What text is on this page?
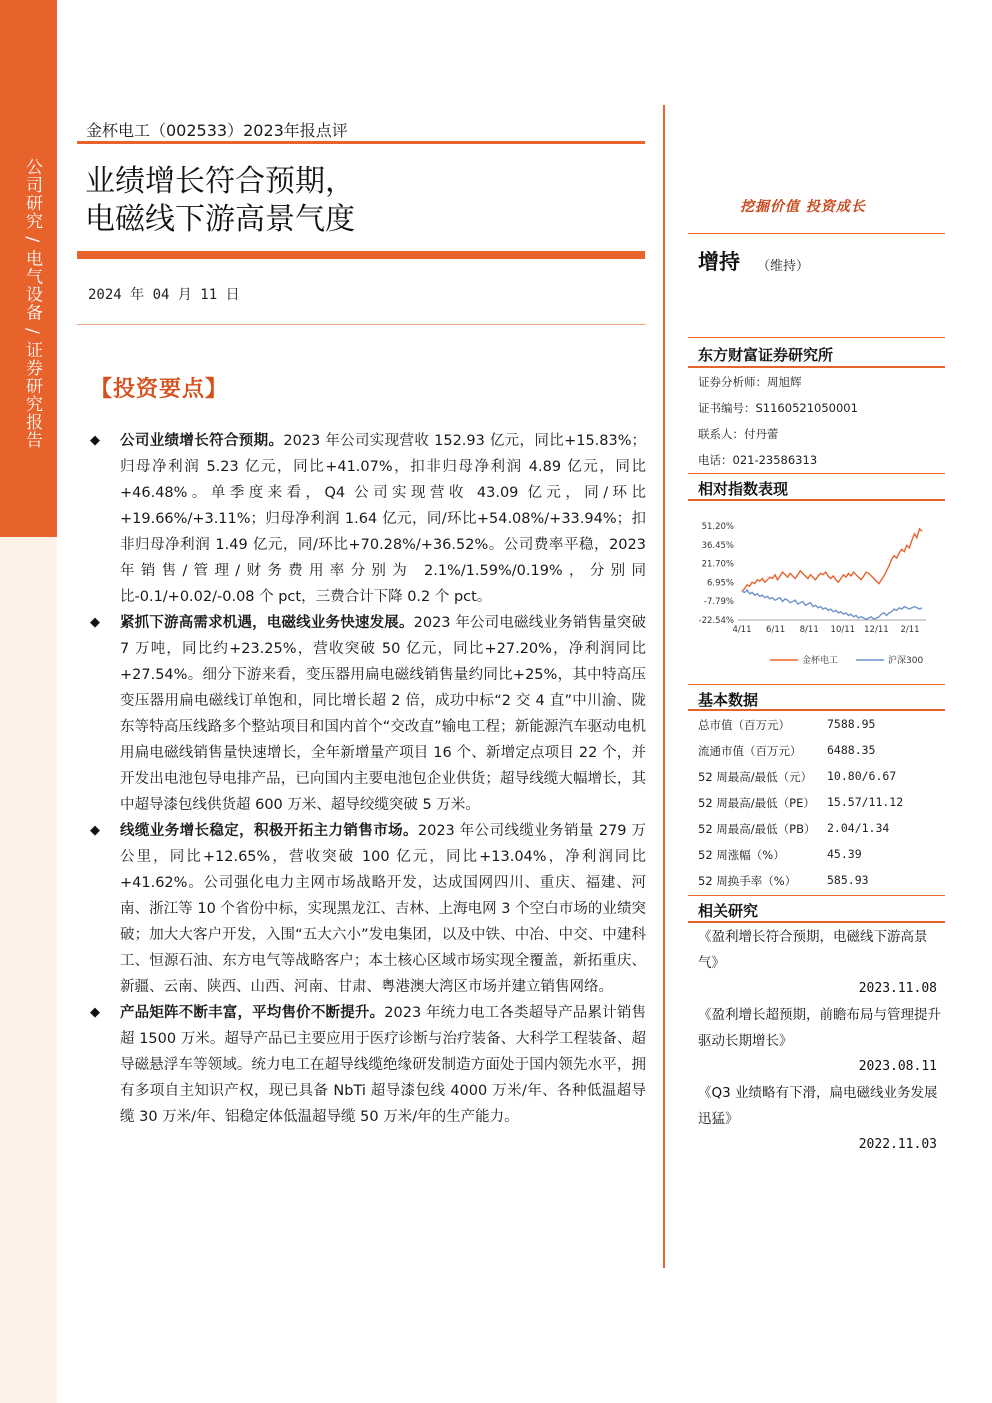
公司研究 / 电气设备 / 证券研究报告
金杯电工（002533）2023年报点评
业绩增长符合预期，
电磁线下游高景气度
2024 年 04 月 11 日
【投资要点】
◆ 公司业绩增长符合预期。2023 年公司实现营收 152.93 亿元，同比+15.83%；归母净利润 5.23 亿元，同比+41.07%，扣非归母净利润 4.89 亿元，同比+46.48%。单季度来看，Q4 公司实现营收 43.09 亿元，同/环比+19.66%/+3.11%；归母净利润 1.64 亿元，同/环比+54.08%/+33.94%；扣非归母净利润 1.49 亿元，同/环比+70.28%/+36.52%。公司费率平稳，2023 年销售/管理/财务费用率分别为 2.1%/1.59%/0.19%，分别同比-0.1/+0.02/-0.08 个 pct，三费合计下降 0.2 个 pct。
◆ 紧抓下游高需求机遇，电磁线业务快速发展。2023 年公司电磁线业务销售量突破 7 万吨，同比约+23.25%，营收突破 50 亿元，同比+27.20%，净利润同比+27.54%。细分下游来看，变压器用扁电磁线销售量约同比+25%，其中特高压变压器用扁电磁线订单饱和，同比增长超 2 倍，成功中标“2 交 4 直”中川渝、陇东等特高压线路多个整站项目和国内首个“交改直”输电工程；新能源汽车驱动电机用扁电磁线销售量快速增长，全年新增量产项目 16 个、新增定点项目 22 个，并开发出电池包导电排产品，已向国内主要电池包企业供货；超导线缆大幅增长，其中超导漆包线供货超 600 万米、超导绞缆突破 5 万米。
◆ 线缆业务增长稳定，积极开拓主力销售市场。2023 年公司线缆业务销量 279 万公里，同比+12.65%，营收突破 100 亿元，同比+13.04%，净利润同比+41.62%。公司强化电力主网市场战略开发，达成国网四川、重庆、福建、河南、浙江等 10 个省份中标，实现黑龙江、吉林、上海电网 3 个空白市场的业绩突破；加大大客户开发，入围“五大六小”发电集团，以及中铁、中冶、中交、中建科工、恒源石油、东方电气等战略客户；本土核心区域市场实现全覆盖，新拓重庆、新疆、云南、陕西、山西、河南、甘肃、粤港澳大湾区市场并建立销售网络。
◆ 产品矩阵不断丰富，平均售价不断提升。2023 年统力电工各类超导产品累计销售超 1500 万米。超导产品已主要应用于医疗诊断与治疗装备、大科学工程装备、超导磁悬浮车等领域。统力电工在超导线缆绝缘研发制造方面处于国内领先水平，拥有多项自主知识产权，现已具备 NbTi 超导漆包线 4000 万米/年、各种低温超导缆 30 万米/年、铝稳定体低温超导缆 50 万米/年的生产能力。
挖掘价值 投资成长
增持 （维持）
东方财富证券研究所
证券分析师：周旭辉
证书编号：S1160521050001
联系人：付丹蕾
电话：021-23586313
相对指数表现
51.20%
36.45%
21.70%
6.95%
-7.79%
-22.54%
4/11 6/11 8/11 10/11 12/11 2/11
金杯电工	沪深300
基本数据
总市值（百万元）	7588.95
流通市值（百万元） 6488.35
52 周最高/最低（元） 10.80/6.67
52 周最高/最低（PE） 15.57/11.12
52 周最高/最低（PB） 2.04/1.34
52 周涨幅（%）	45.39
52 周换手率（%）	585.93
相关研究
《盈利增长符合预期，电磁线下游高景气》
2023.11.08
《盈利增长超预期，前瞻布局与管理提升驱动长期增长》
2023.08.11
《Q3 业绩略有下滑，扁电磁线业务发展迅猛》
2022.11.03
